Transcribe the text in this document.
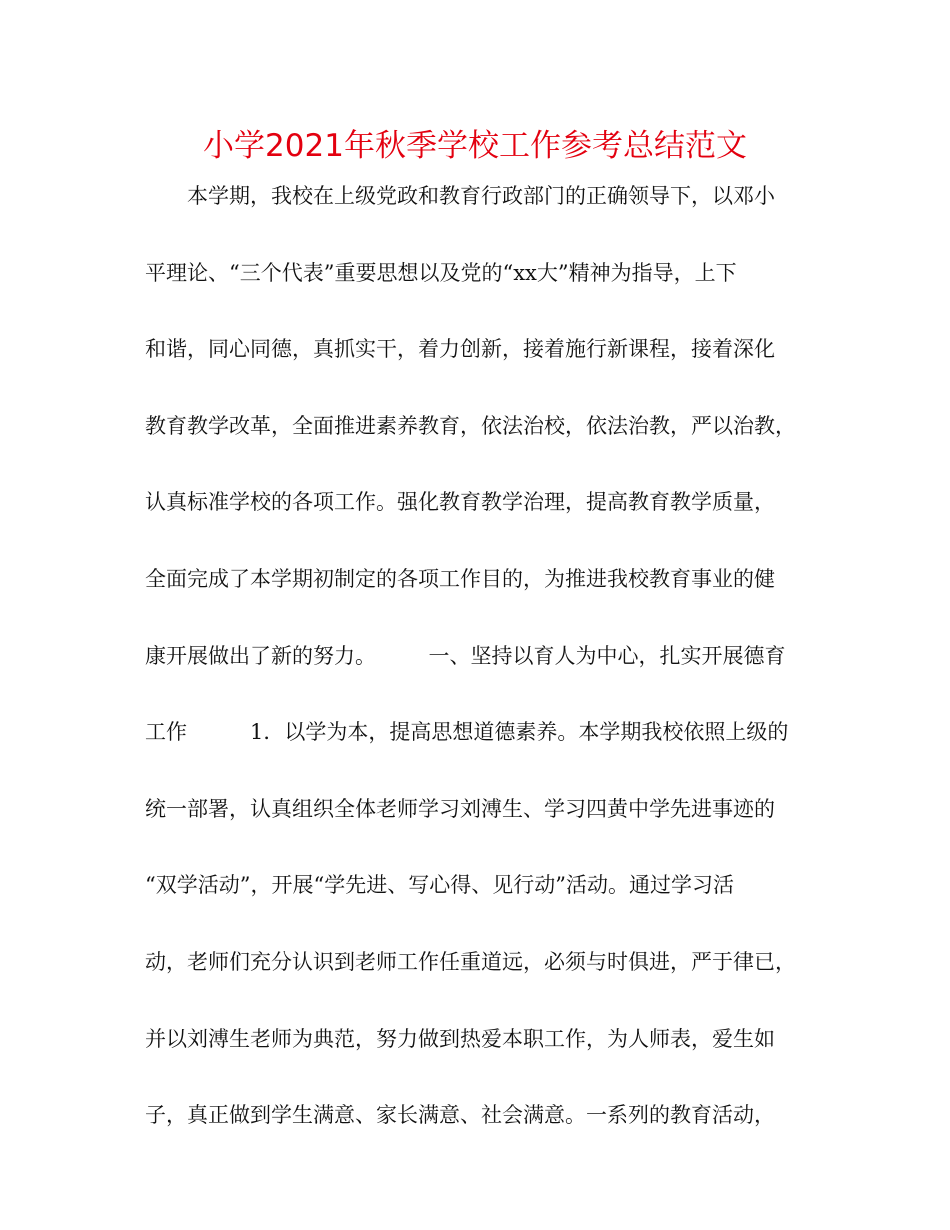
小学2021年秋季学校工作参考总结范文
　　本学期，我校在上级党政和教育行政部门的正确领导下，以邓小
平理论、“三个代表”重要思想以及党的“xx大”精神为指导，上下
和谐，同心同德，真抓实干，着力创新，接着施行新课程，接着深化
教育教学改革，全面推进素养教育，依法治校，依法治教，严以治教，
认真标准学校的各项工作。强化教育教学治理，提高教育教学质量，
全面完成了本学期初制定的各项工作目的，为推进我校教育事业的健
康开展做出了新的努力。　　　一、坚持以育人为中心，扎实开展德育
工作　　　1．以学为本，提高思想道德素养。本学期我校依照上级的
统一部署，认真组织全体老师学习刘溥生、学习四黄中学先进事迹的
“双学活动”，开展“学先进、写心得、见行动”活动。通过学习活
动，老师们充分认识到老师工作任重道远，必须与时俱进，严于律已，
并以刘溥生老师为典范，努力做到热爱本职工作，为人师表，爱生如
子，真正做到学生满意、家长满意、社会满意。一系列的教育活动，
